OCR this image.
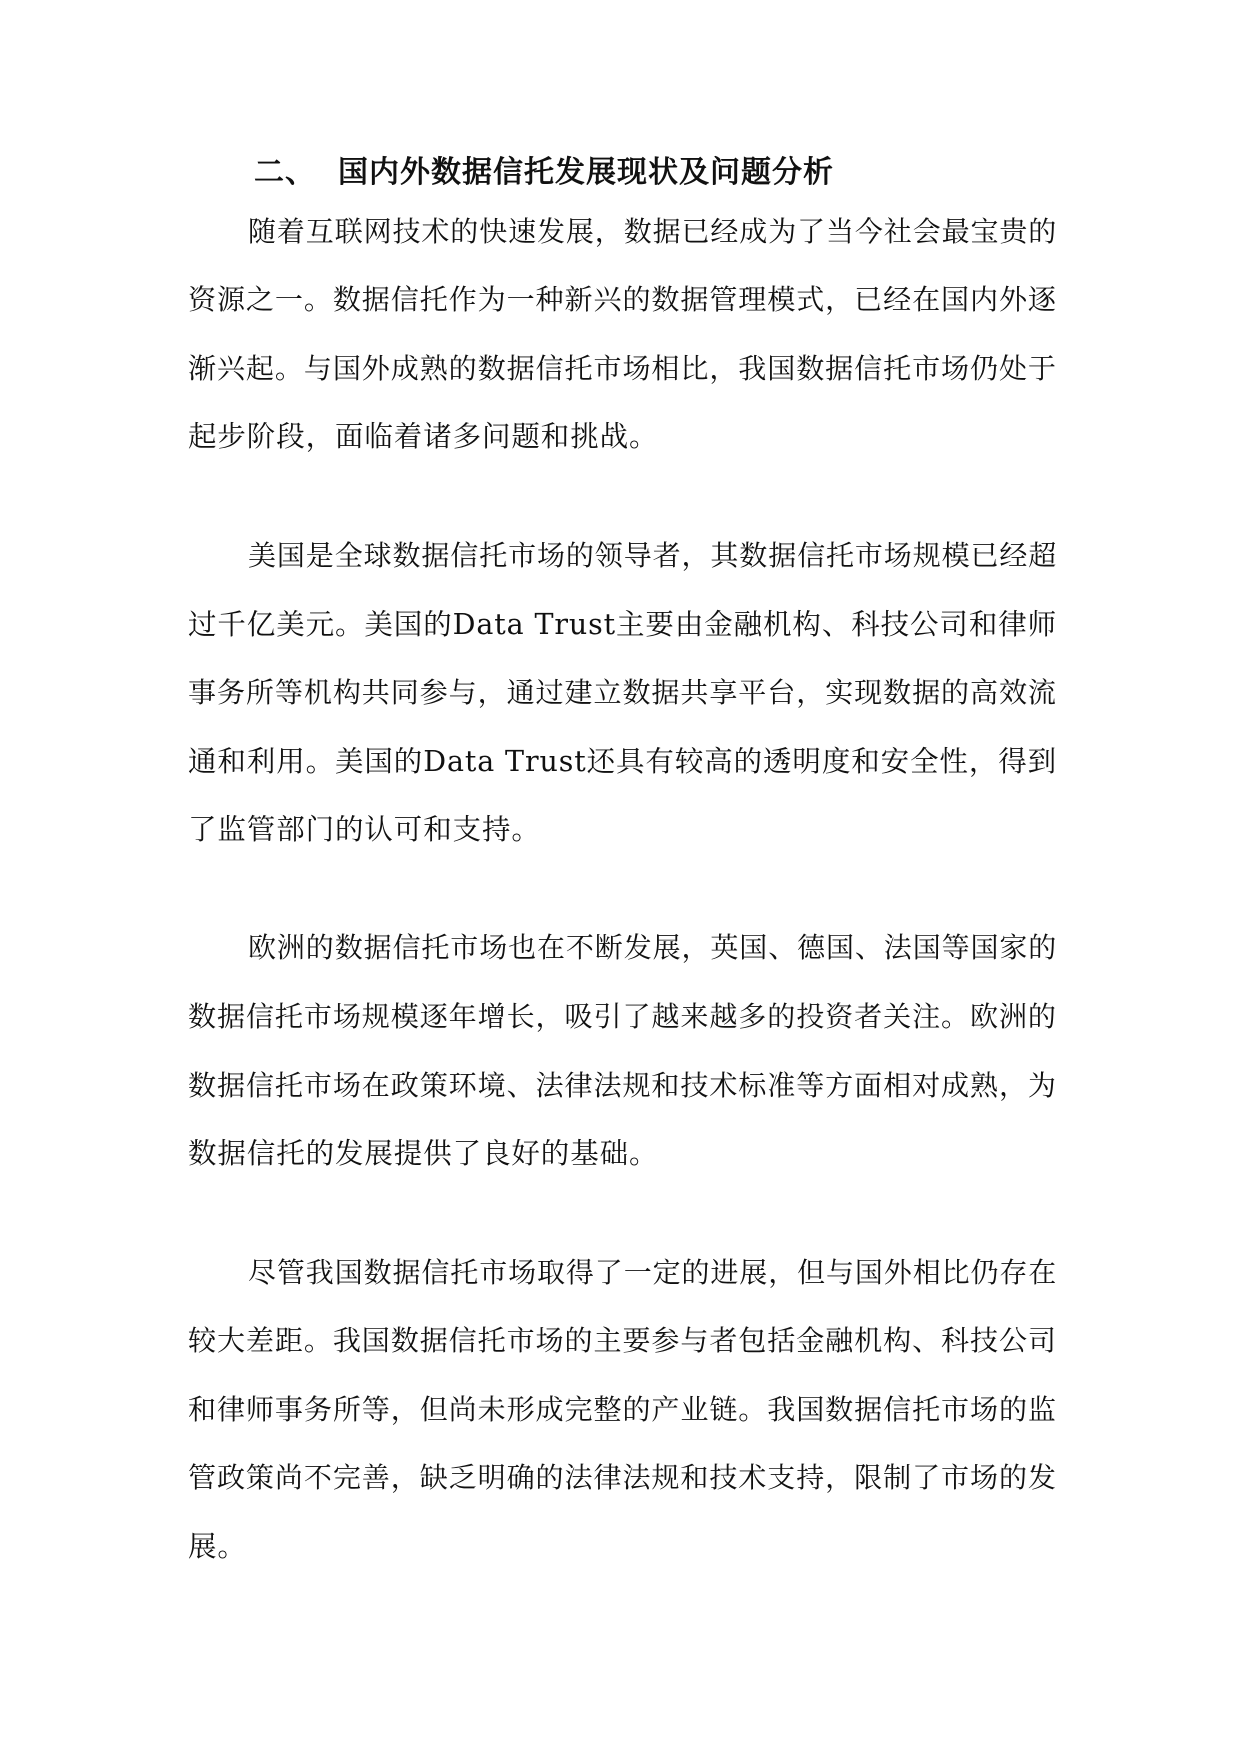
二、 国内外数据信托发展现状及问题分析
随着互联网技术的快速发展，数据已经成为了当今社会最宝贵的
资源之一。数据信托作为一种新兴的数据管理模式，已经在国内外逐
渐兴起。与国外成熟的数据信托市场相比，我国数据信托市场仍处于
起步阶段，面临着诸多问题和挑战。
美国是全球数据信托市场的领导者，其数据信托市场规模已经超
过千亿美元。美国的Data Trust主要由金融机构、科技公司和律师
事务所等机构共同参与，通过建立数据共享平台，实现数据的高效流
通和利用。美国的Data Trust还具有较高的透明度和安全性，得到
了监管部门的认可和支持。
欧洲的数据信托市场也在不断发展，英国、德国、法国等国家的
数据信托市场规模逐年增长，吸引了越来越多的投资者关注。欧洲的
数据信托市场在政策环境、法律法规和技术标准等方面相对成熟，为
数据信托的发展提供了良好的基础。
尽管我国数据信托市场取得了一定的进展，但与国外相比仍存在
较大差距。我国数据信托市场的主要参与者包括金融机构、科技公司
和律师事务所等，但尚未形成完整的产业链。我国数据信托市场的监
管政策尚不完善，缺乏明确的法律法规和技术支持，限制了市场的发
展。
